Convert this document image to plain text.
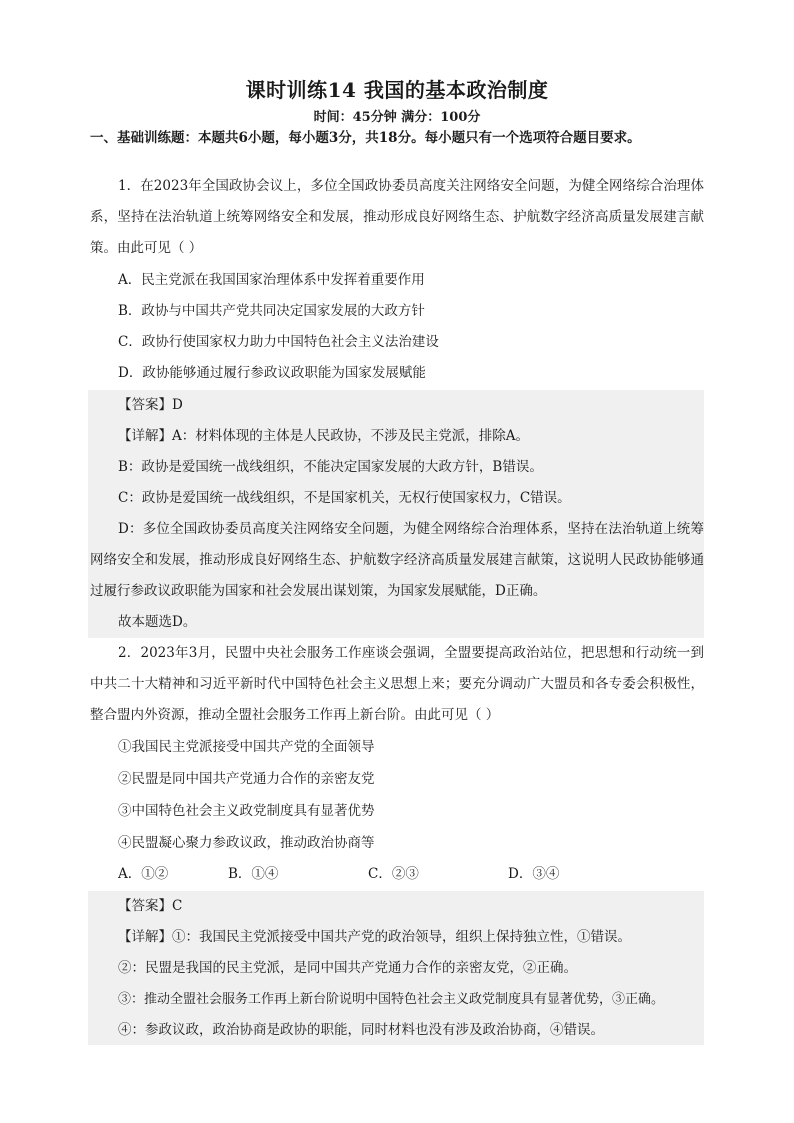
课时训练14 我国的基本政治制度
时间：45分钟 满分：100分
一、基础训练题：本题共6小题，每小题3分，共18分。每小题只有一个选项符合题目要求。
1．在2023年全国政协会议上，多位全国政协委员高度关注网络安全问题，为健全网络综合治理体系，坚持在法治轨道上统筹网络安全和发展，推动形成良好网络生态、护航数字经济高质量发展建言献策。由此可见（ ）
A．民主党派在我国国家治理体系中发挥着重要作用
B．政协与中国共产党共同决定国家发展的大政方针
C．政协行使国家权力助力中国特色社会主义法治建设
D．政协能够通过履行参政议政职能为国家发展赋能
【答案】D
【详解】A：材料体现的主体是人民政协，不涉及民主党派，排除A。
B：政协是爱国统一战线组织，不能决定国家发展的大政方针，B错误。
C：政协是爱国统一战线组织，不是国家机关，无权行使国家权力，C错误。
D：多位全国政协委员高度关注网络安全问题，为健全网络综合治理体系，坚持在法治轨道上统筹网络安全和发展，推动形成良好网络生态、护航数字经济高质量发展建言献策，这说明人民政协能够通过履行参政议政职能为国家和社会发展出谋划策，为国家发展赋能，D正确。
故本题选D。
2．2023年3月，民盟中央社会服务工作座谈会强调，全盟要提高政治站位，把思想和行动统一到中共二十大精神和习近平新时代中国特色社会主义思想上来；要充分调动广大盟员和各专委会积极性，整合盟内外资源，推动全盟社会服务工作再上新台阶。由此可见（ ）
①我国民主党派接受中国共产党的全面领导
②民盟是同中国共产党通力合作的亲密友党
③中国特色社会主义政党制度具有显著优势
④民盟凝心聚力参政议政，推动政治协商等
A．①②	B．①④	C．②③	D．③④
【答案】C
【详解】①：我国民主党派接受中国共产党的政治领导，组织上保持独立性，①错误。
②：民盟是我国的民主党派，是同中国共产党通力合作的亲密友党，②正确。
③：推动全盟社会服务工作再上新台阶说明中国特色社会主义政党制度具有显著优势，③正确。
④：参政议政，政治协商是政协的职能，同时材料也没有涉及政治协商，④错误。
